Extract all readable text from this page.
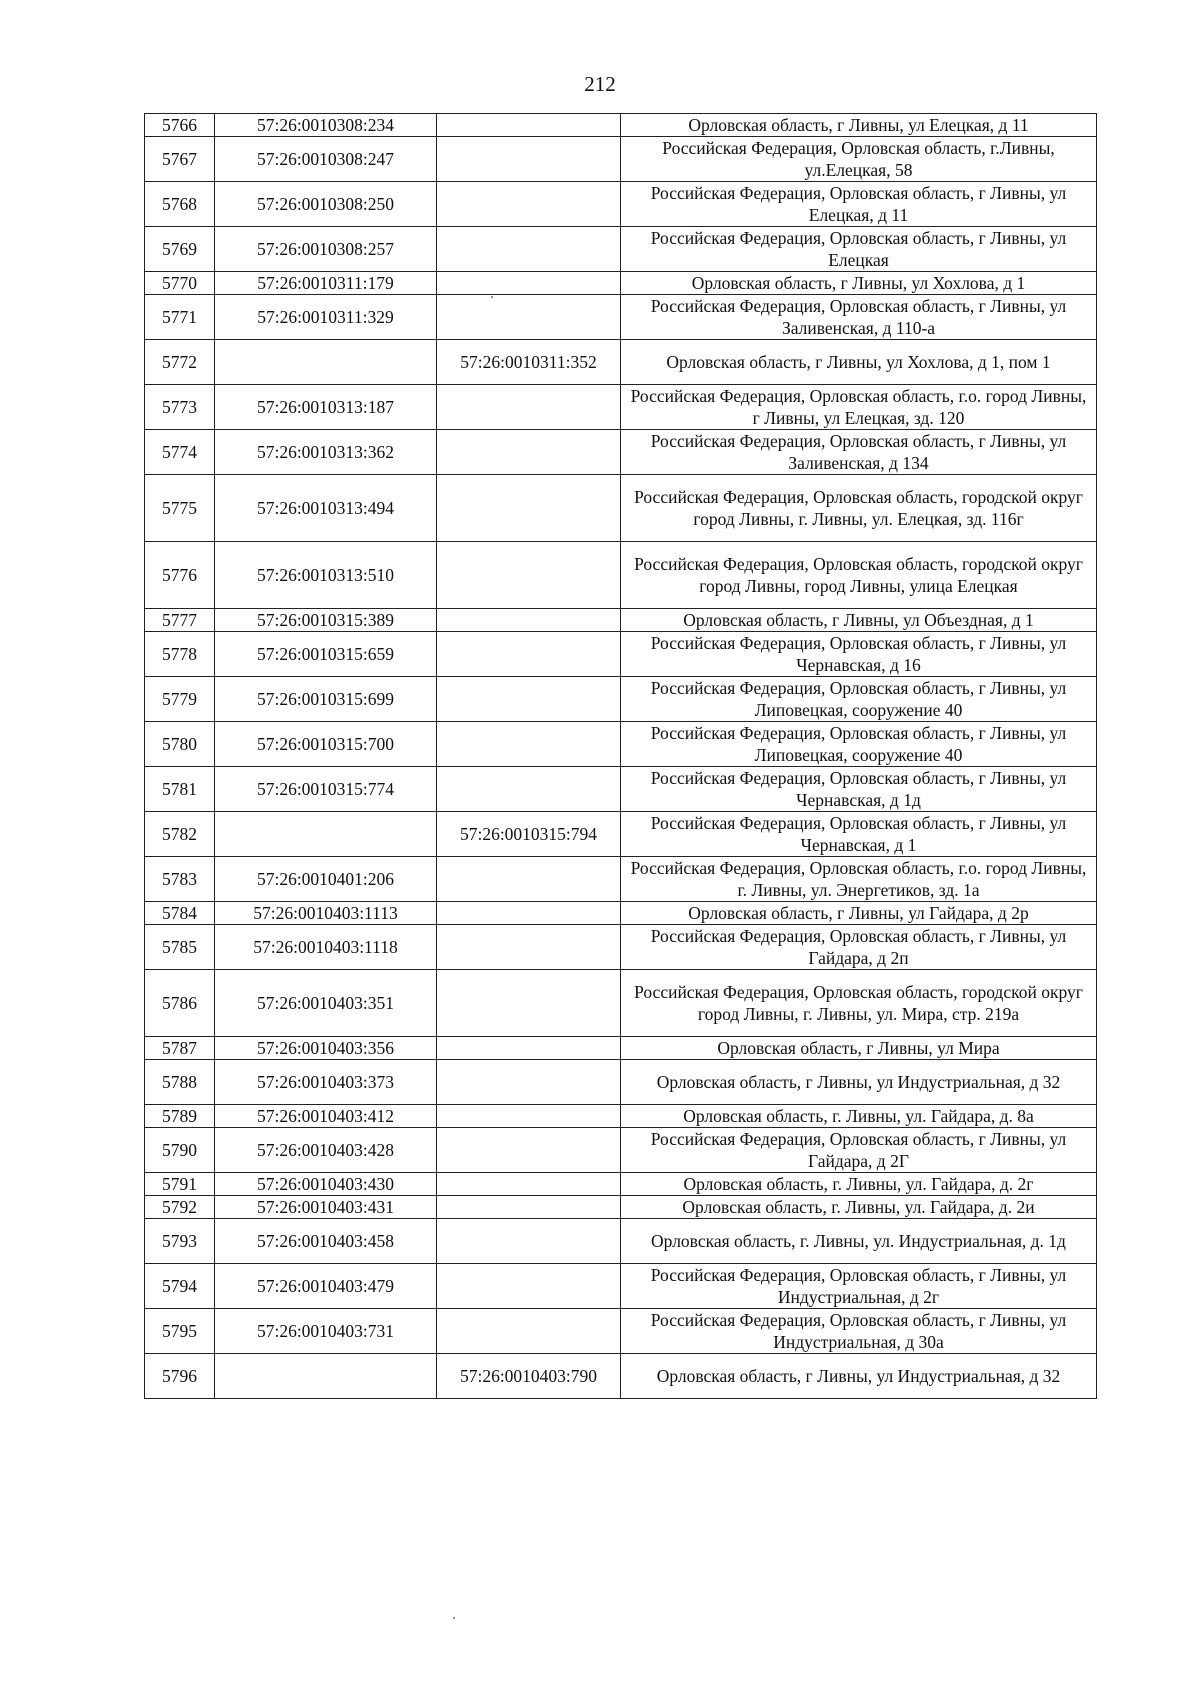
212
5766	57:26:0010308:234		Орловская область, г Ливны, ул Елецкая, д 11
5767	57:26:0010308:247		Российская Федерация, Орловская область, г.Ливны, ул.Елецкая, 58
5768	57:26:0010308:250		Российская Федерация, Орловская область, г Ливны, ул Елецкая, д 11
5769	57:26:0010308:257		Российская Федерация, Орловская область, г Ливны, ул Елецкая
5770	57:26:0010311:179		Орловская область, г Ливны, ул Хохлова, д 1
5771	57:26:0010311:329		Российская Федерация, Орловская область, г Ливны, ул Заливенская, д 110-а
5772		57:26:0010311:352	Орловская область, г Ливны, ул Хохлова, д 1, пом 1
5773	57:26:0010313:187		Российская Федерация, Орловская область, г.о. город Ливны, г Ливны, ул Елецкая, зд. 120
5774	57:26:0010313:362		Российская Федерация, Орловская область, г Ливны, ул Заливенская, д 134
5775	57:26:0010313:494		Российская Федерация, Орловская область, городской округ город Ливны, г. Ливны, ул. Елецкая, зд. 116г
5776	57:26:0010313:510		Российская Федерация, Орловская область, городской округ город Ливны, город Ливны, улица Елецкая
5777	57:26:0010315:389		Орловская область, г Ливны, ул Объездная, д 1
5778	57:26:0010315:659		Российская Федерация, Орловская область, г Ливны, ул Чернавская, д 16
5779	57:26:0010315:699		Российская Федерация, Орловская область, г Ливны, ул Липовецкая, сооружение 40
5780	57:26:0010315:700		Российская Федерация, Орловская область, г Ливны, ул Липовецкая, сооружение 40
5781	57:26:0010315:774		Российская Федерация, Орловская область, г Ливны, ул Чернавская, д 1д
5782		57:26:0010315:794	Российская Федерация, Орловская область, г Ливны, ул Чернавская, д 1
5783	57:26:0010401:206		Российская Федерация, Орловская область, г.о. город Ливны, г. Ливны, ул. Энергетиков, зд. 1а
5784	57:26:0010403:1113		Орловская область, г Ливны, ул Гайдара, д 2р
5785	57:26:0010403:1118		Российская Федерация, Орловская область, г Ливны, ул Гайдара, д 2п
5786	57:26:0010403:351		Российская Федерация, Орловская область, городской округ город Ливны, г. Ливны, ул. Мира, стр. 219а
5787	57:26:0010403:356		Орловская область, г Ливны, ул Мира
5788	57:26:0010403:373		Орловская область, г Ливны, ул Индустриальная, д 32
5789	57:26:0010403:412		Орловская область, г. Ливны, ул. Гайдара, д. 8а
5790	57:26:0010403:428		Российская Федерация, Орловская область, г Ливны, ул Гайдара, д 2Г
5791	57:26:0010403:430		Орловская область, г. Ливны, ул. Гайдара, д. 2г
5792	57:26:0010403:431		Орловская область, г. Ливны, ул. Гайдара, д. 2и
5793	57:26:0010403:458		Орловская область, г. Ливны, ул. Индустриальная, д. 1д
5794	57:26:0010403:479		Российская Федерация, Орловская область, г Ливны, ул Индустриальная, д 2г
5795	57:26:0010403:731		Российская Федерация, Орловская область, г Ливны, ул Индустриальная, д 30а
5796		57:26:0010403:790	Орловская область, г Ливны, ул Индустриальная, д 32
